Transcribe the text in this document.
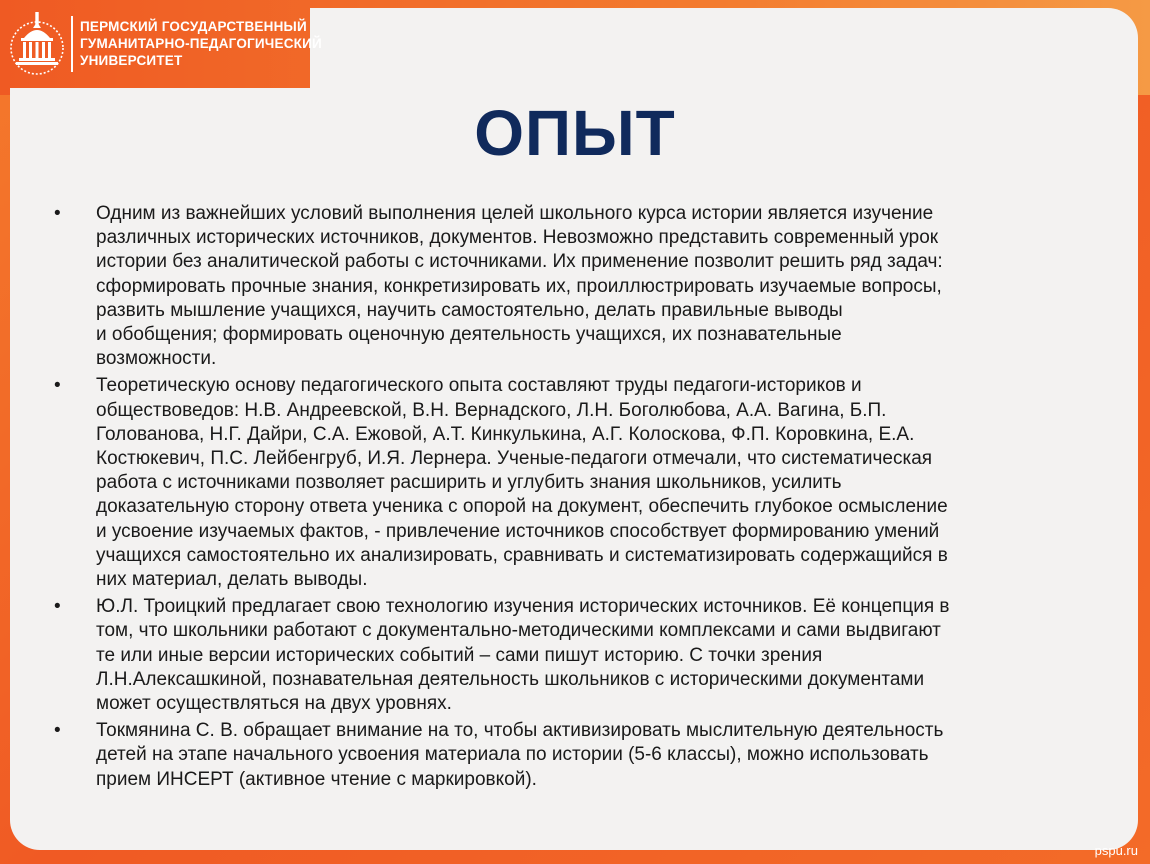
ПЕРМСКИЙ ГОСУДАРСТВЕННЫЙ
ГУМАНИТАРНО-ПЕДАГОГИЧЕСКИЙ
УНИВЕРСИТЕТ
ОПЫТ
• Одним из важнейших условий выполнения целей школьного курса истории является изучение
различных исторических источников, документов. Невозможно представить современный урок
истории без аналитической работы с источниками. Их применение позволит решить ряд задач:
сформировать прочные знания, конкретизировать их, проиллюстрировать изучаемые вопросы,
развить мышление учащихся, научить самостоятельно, делать правильные выводы
и обобщения; формировать оценочную деятельность учащихся, их познавательные
возможности.
• Теоретическую основу педагогического опыта составляют труды педагоги-историков и
обществоведов: Н.В. Андреевской, В.Н. Вернадского, Л.Н. Боголюбова, А.А. Вагина, Б.П.
Голованова, Н.Г. Дайри, С.А. Ежовой, А.Т. Кинкулькина, А.Г. Колоскова, Ф.П. Коровкина, Е.А.
Костюкевич, П.С. Лейбенгруб, И.Я. Лернера. Ученые-педагоги отмечали, что систематическая
работа с источниками позволяет расширить и углубить знания школьников, усилить
доказательную сторону ответа ученика с опорой на документ, обеспечить глубокое осмысление
и усвоение изучаемых фактов, - привлечение источников способствует формированию умений
учащихся самостоятельно их анализировать, сравнивать и систематизировать содержащийся в
них материал, делать выводы.
• Ю.Л. Троицкий предлагает свою технологию изучения исторических источников. Её концепция в
том, что школьники работают с документально-методическими комплексами и сами выдвигают
те или иные версии исторических событий – сами пишут историю. С точки зрения
Л.Н.Алексашкиной, познавательная деятельность школьников с историческими документами
может осуществляться на двух уровнях.
• Токмянина С. В. обращает внимание на то, чтобы активизировать мыслительную деятельность
детей на этапе начального усвоения материала по истории (5-6 классы), можно использовать
прием ИНСЕРТ (активное чтение с маркировкой).
pspu.ru
